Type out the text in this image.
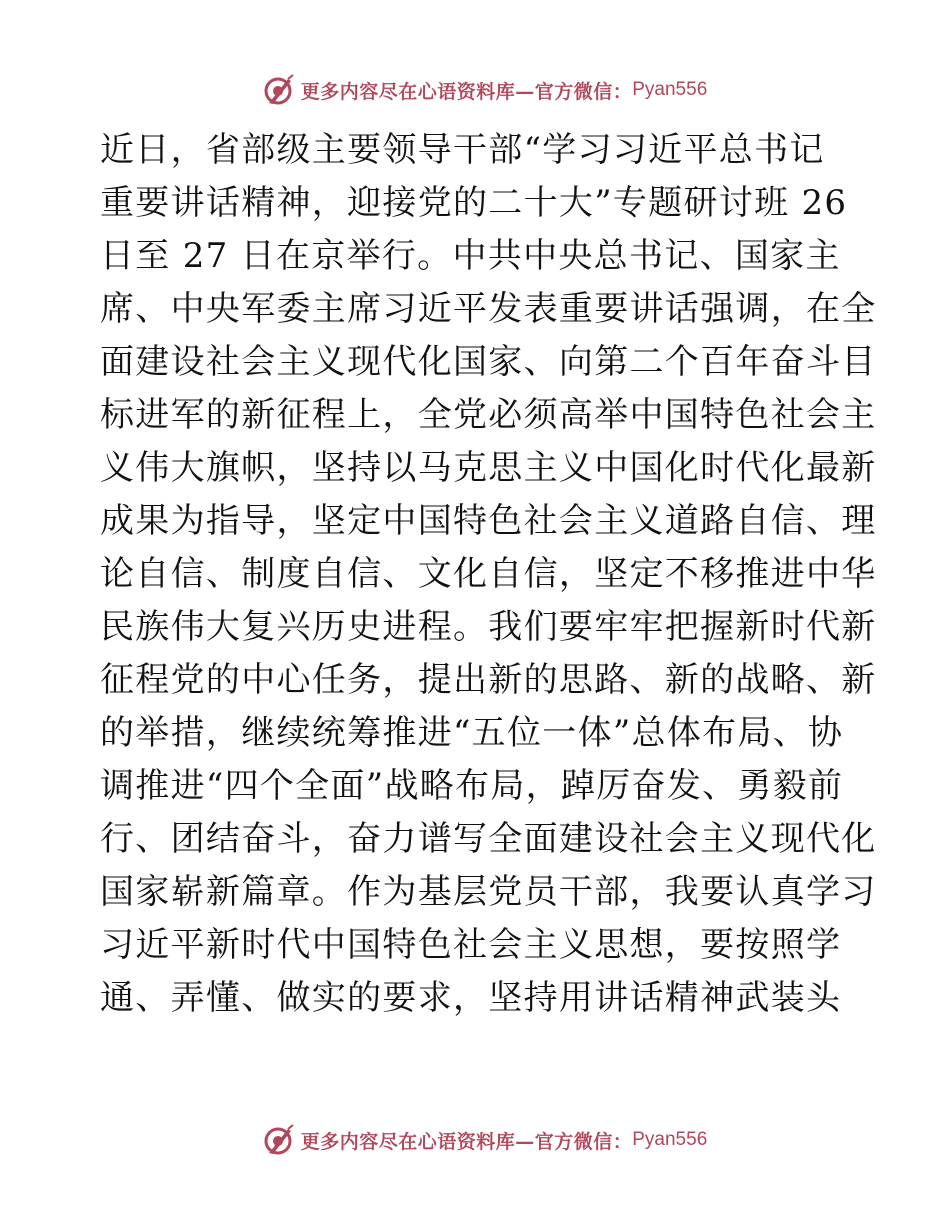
更多内容尽在心语资料库—官方微信： Pyan556
近日，省部级主要领导干部“学习习近平总书记
重要讲话精神，迎接党的二十大”专题研讨班 26
日至 27 日在京举行。中共中央总书记、国家主
席、中央军委主席习近平发表重要讲话强调，在全
面建设社会主义现代化国家、向第二个百年奋斗目
标进军的新征程上，全党必须高举中国特色社会主
义伟大旗帜，坚持以马克思主义中国化时代化最新
成果为指导，坚定中国特色社会主义道路自信、理
论自信、制度自信、文化自信，坚定不移推进中华
民族伟大复兴历史进程。我们要牢牢把握新时代新
征程党的中心任务，提出新的思路、新的战略、新
的举措，继续统筹推进“五位一体”总体布局、协
调推进“四个全面”战略布局，踔厉奋发、勇毅前
行、团结奋斗，奋力谱写全面建设社会主义现代化
国家崭新篇章。作为基层党员干部，我要认真学习
习近平新时代中国特色社会主义思想，要按照学
通、弄懂、做实的要求，坚持用讲话精神武装头
更多内容尽在心语资料库—官方微信： Pyan556
